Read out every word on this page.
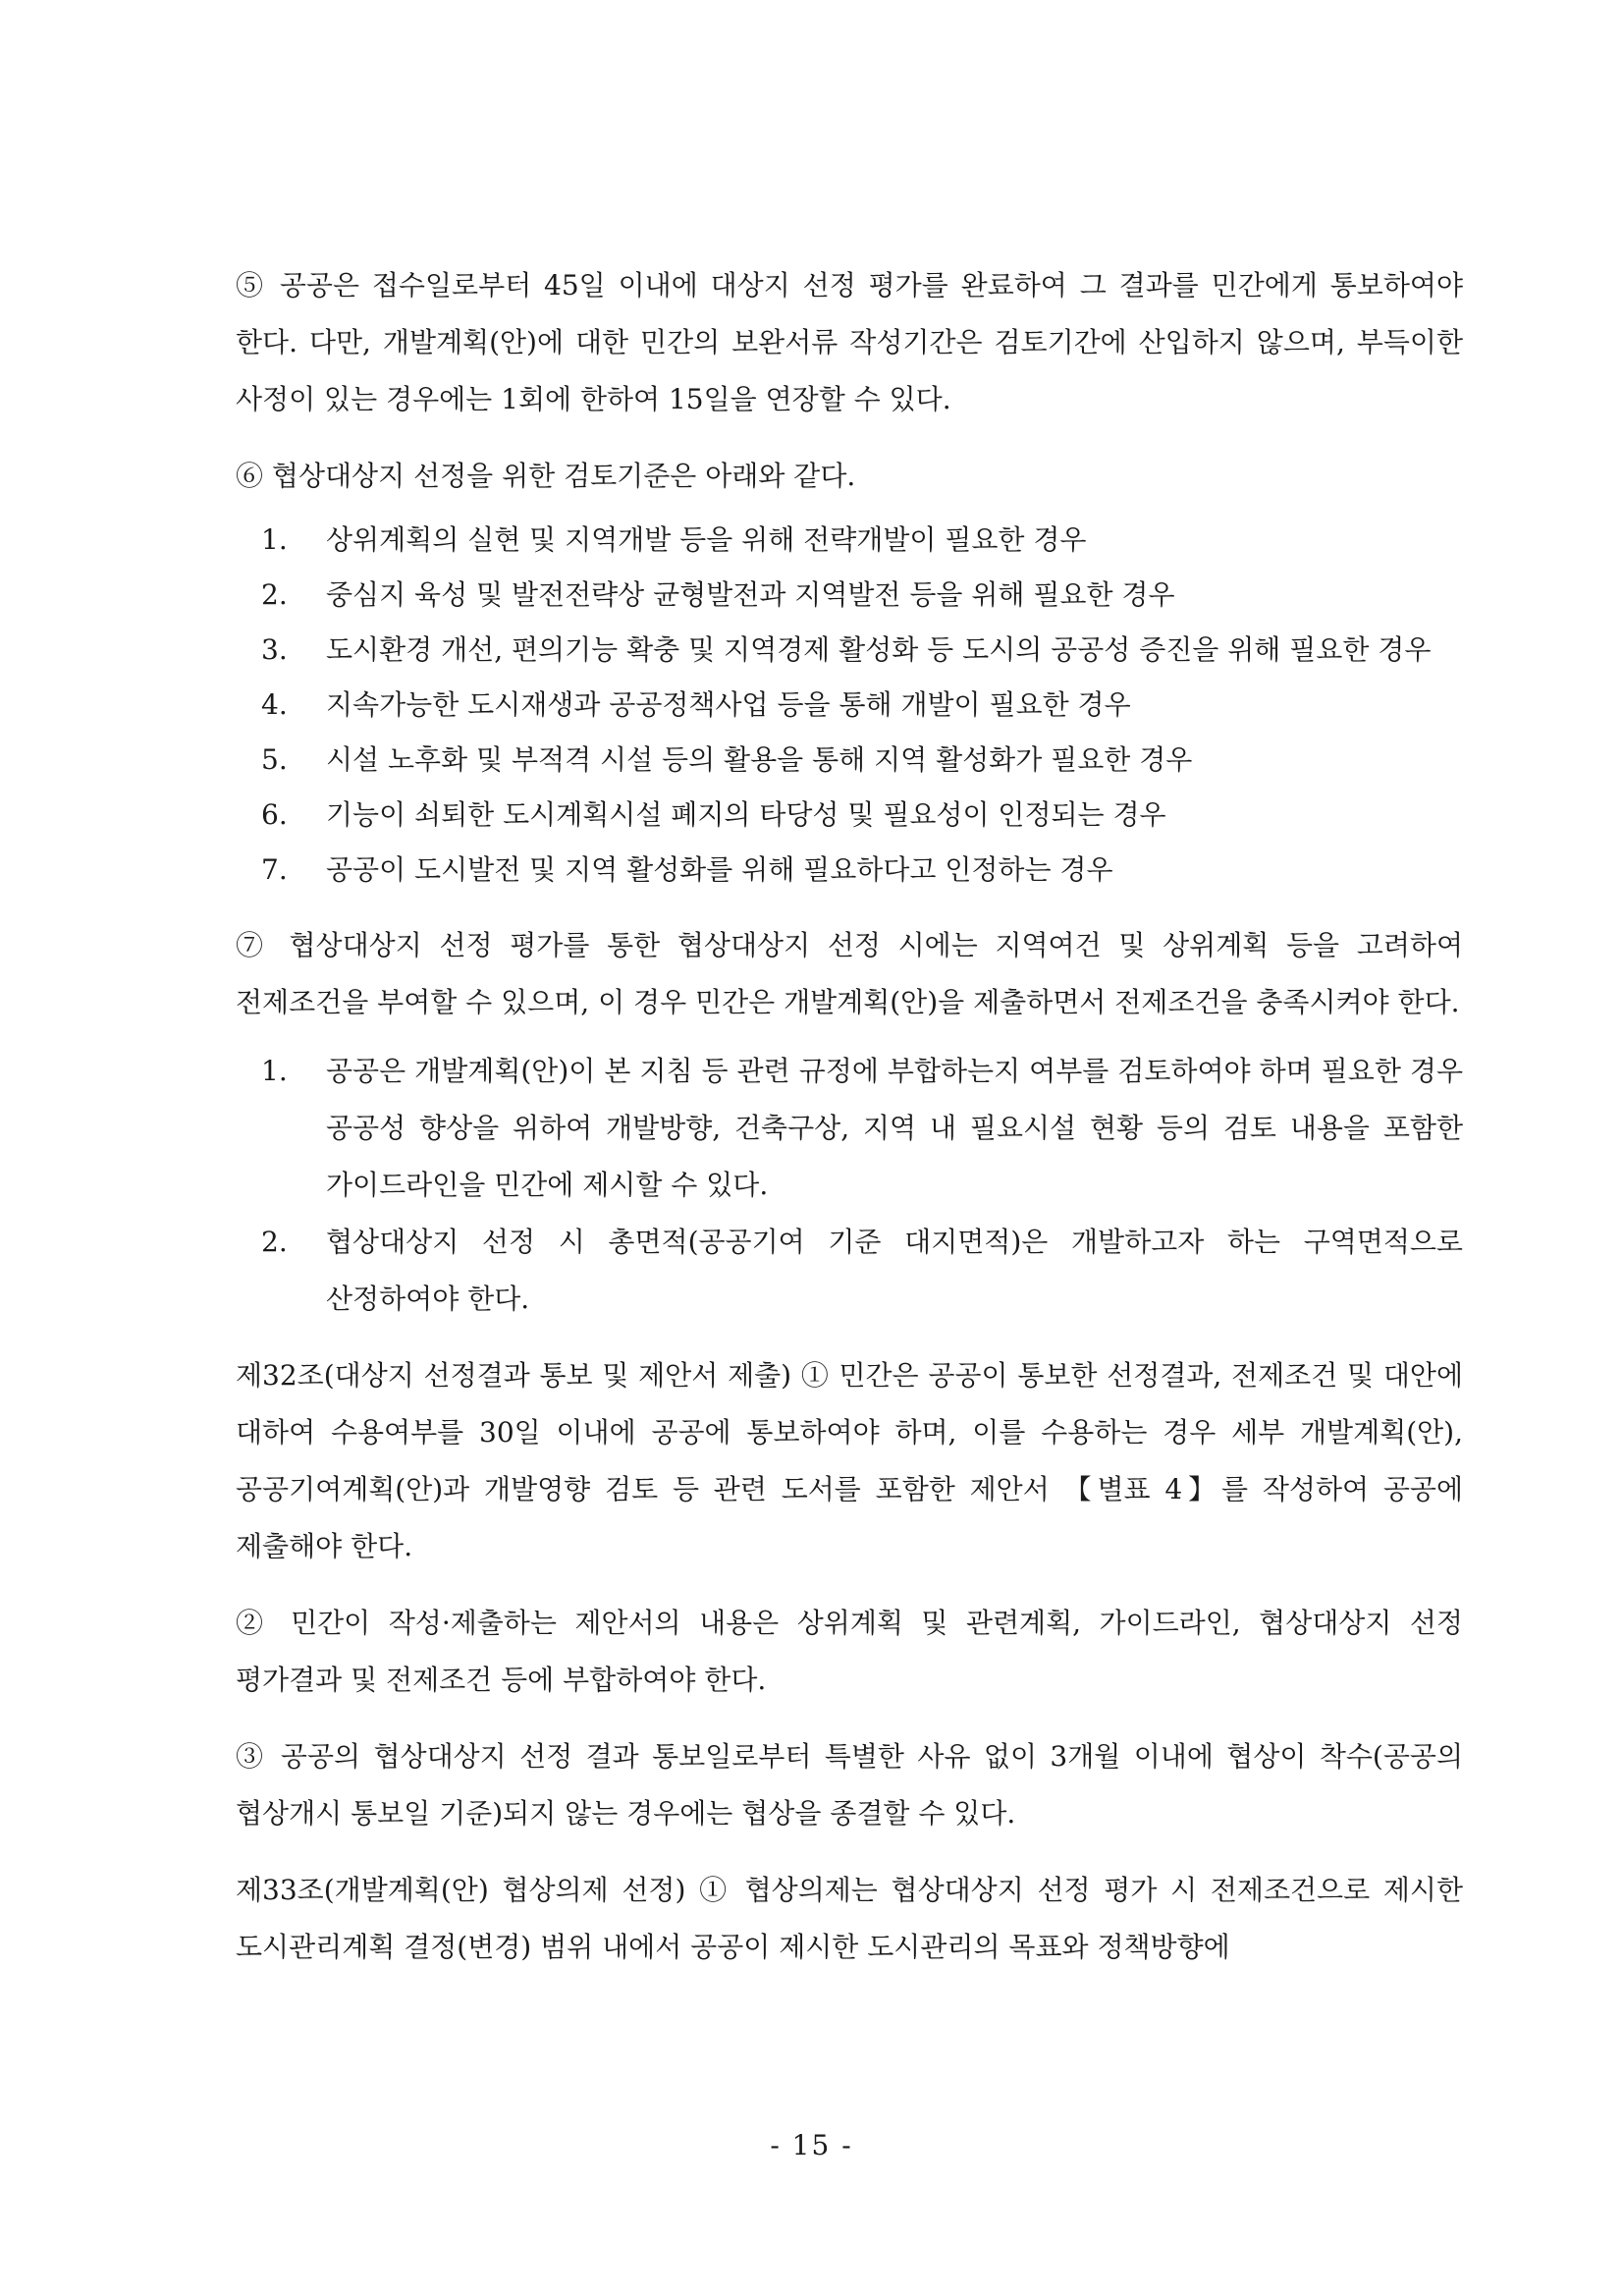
⑤ 공공은 접수일로부터 45일 이내에 대상지 선정 평가를 완료하여 그 결과를 민간에게 통보하여야 한다. 다만, 개발계획(안)에 대한 민간의 보완서류 작성기간은 검토기간에 산입하지 않으며, 부득이한 사정이 있는 경우에는 1회에 한하여 15일을 연장할 수 있다.

⑥ 협상대상지 선정을 위한 검토기준은 아래와 같다.

1. 상위계획의 실현 및 지역개발 등을 위해 전략개발이 필요한 경우
2. 중심지 육성 및 발전전략상 균형발전과 지역발전 등을 위해 필요한 경우
3. 도시환경 개선, 편의기능 확충 및 지역경제 활성화 등 도시의 공공성 증진을 위해 필요한 경우
4. 지속가능한 도시재생과 공공정책사업 등을 통해 개발이 필요한 경우
5. 시설 노후화 및 부적격 시설 등의 활용을 통해 지역 활성화가 필요한 경우
6. 기능이 쇠퇴한 도시계획시설 폐지의 타당성 및 필요성이 인정되는 경우
7. 공공이 도시발전 및 지역 활성화를 위해 필요하다고 인정하는 경우

⑦ 협상대상지 선정 평가를 통한 협상대상지 선정 시에는 지역여건 및 상위계획 등을 고려하여 전제조건을 부여할 수 있으며, 이 경우 민간은 개발계획(안)을 제출하면서 전제조건을 충족시켜야 한다.

1. 공공은 개발계획(안)이 본 지침 등 관련 규정에 부합하는지 여부를 검토하여야 하며 필요한 경우 공공성 향상을 위하여 개발방향, 건축구상, 지역 내 필요시설 현황 등의 검토 내용을 포함한 가이드라인을 민간에 제시할 수 있다.
2. 협상대상지 선정 시 총면적(공공기여 기준 대지면적)은 개발하고자 하는 구역면적으로 산정하여야 한다.

제32조(대상지 선정결과 통보 및 제안서 제출) ① 민간은 공공이 통보한 선정결과, 전제조건 및 대안에 대하여 수용여부를 30일 이내에 공공에 통보하여야 하며, 이를 수용하는 경우 세부 개발계획(안), 공공기여계획(안)과 개발영향 검토 등 관련 도서를 포함한 제안서 【별표 4】를 작성하여 공공에 제출해야 한다.

② 민간이 작성·제출하는 제안서의 내용은 상위계획 및 관련계획, 가이드라인, 협상대상지 선정 평가결과 및 전제조건 등에 부합하여야 한다.

③ 공공의 협상대상지 선정 결과 통보일로부터 특별한 사유 없이 3개월 이내에 협상이 착수(공공의 협상개시 통보일 기준)되지 않는 경우에는 협상을 종결할 수 있다.

제33조(개발계획(안) 협상의제 선정) ① 협상의제는 협상대상지 선정 평가 시 전제조건으로 제시한 도시관리계획 결정(변경) 범위 내에서 공공이 제시한 도시관리의 목표와 정책방향에

- 15 -
